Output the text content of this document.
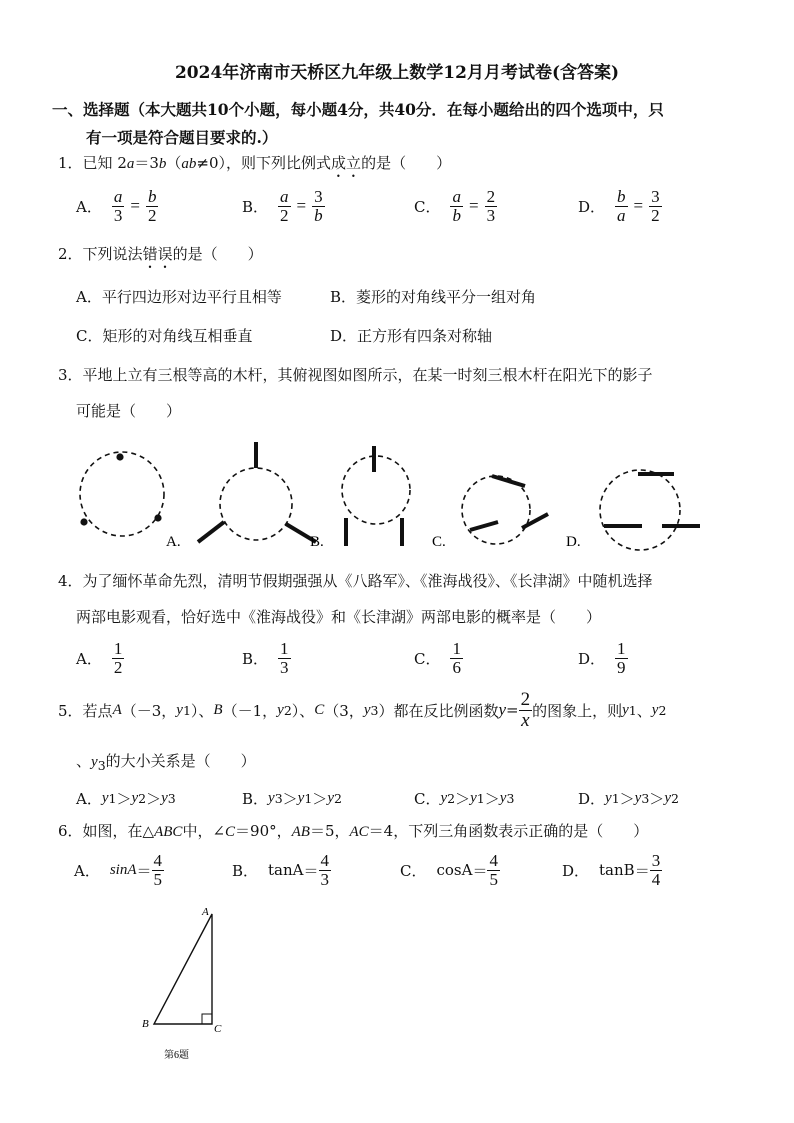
2024年济南市天桥区九年级上数学12月月考试卷(含答案)
一、选择题（本大题共10个小题，每小题4分，共40分．在每小题给出的四个选项中，只
有一项是符合题目要求的.）
1．已知 2a＝3b（ab≠0），则下列比例式成立的是（　　）
A． $\frac{a}{3} = \frac{b}{2}$	B． $\frac{a}{2} = \frac{3}{b}$	C． $\frac{a}{b} = \frac{2}{3}$	D． $\frac{b}{a} = \frac{3}{2}$
2．下列说法错误的是（　　）
A． 平行四边形对边平行且相等	B． 菱形的对角线平分一组对角
C． 矩形的对角线互相垂直	D． 正方形有四条对称轴
3．平地上立有三根等高的木杆，其俯视图如图所示，在某一时刻三根木杆在阳光下的影子
可能是（　　）
A.	B.	C.	D.
4．为了缅怀革命先烈，清明节假期强强从《八路军》、《淮海战役》、《长津湖》中随机选择
两部电影观看，恰好选中《淮海战役》和《长津湖》两部电影的概率是（　　）
A． $\frac{1}{2}$	B． $\frac{1}{3}$	C． $\frac{1}{6}$	D． $\frac{1}{9}$
5． 若点 A （－3， y 1 ）、 B （－1， y 2 ）、 C （3， y 3 ）都在反比例函数 $y = \frac{2}{x}$ 的图象上，则 y 1 、 y 2
、$y_3$的大小关系是（　　）
A． y 1 ＞ y 2 ＞ y 3	B． y 3 ＞ y 1 ＞ y 2	C． y 2 ＞ y 1 ＞ y 3	D． y 1 ＞ y 3 ＞ y 2
6．如图，在△ABC中，∠C＝90°，AB＝5，AC＝4，下列三角函数表示正确的是（　　）
A． $\sin A = \frac{4}{5}$	B． $\tan A = \frac{4}{3}$	C． $\cos A = \frac{4}{5}$	D． $\tan B = \frac{3}{4}$
A
B	C
第6题
